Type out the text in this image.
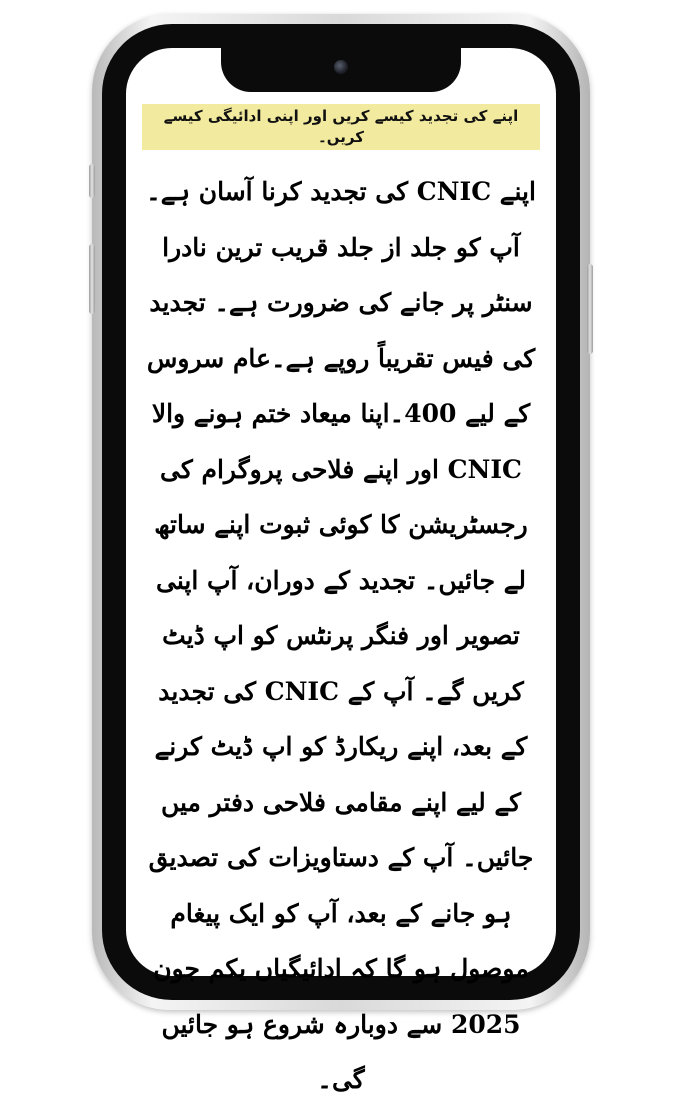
اپنے کی تجدید کیسے کریں اور اپنی ادائیگی کیسے کریں۔

اپنے CNIC کی تجدید کرنا آسان ہے۔ آپ کو جلد از جلد قریب ترین نادرا سنٹر پر جانے کی ضرورت ہے۔ تجدید کی فیس تقریباً روپے ہے۔عام سروس کے لیے 400۔اپنا میعاد ختم ہونے والا CNIC اور اپنے فلاحی پروگرام کی رجسٹریشن کا کوئی ثبوت اپنے ساتھ لے جائیں۔ تجدید کے دوران، آپ اپنی تصویر اور فنگر پرنٹس کو اپ ڈیٹ کریں گے۔ آپ کے CNIC کی تجدید کے بعد، اپنے ریکارڈ کو اپ ڈیٹ کرنے کے لیے اپنے مقامی فلاحی دفتر میں جائیں۔ آپ کے دستاویزات کی تصدیق ہو جانے کے بعد، آپ کو ایک پیغام موصول ہو گا کہ ادائیگیاں یکم جون 2025 سے دوبارہ شروع ہو جائیں گی۔
